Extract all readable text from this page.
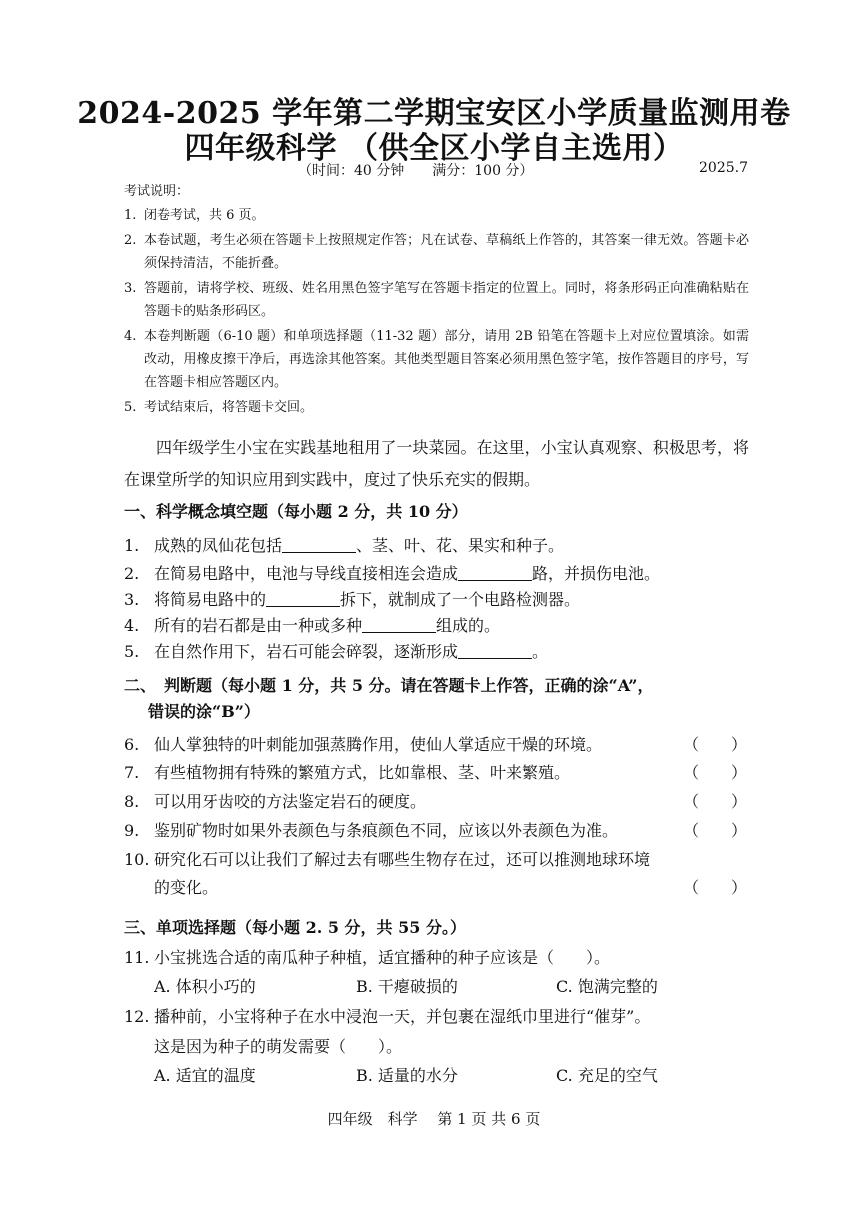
2024-2025 学年第二学期宝安区小学质量监测用卷
四年级科学 （供全区小学自主选用）
（时间：40 分钟　　满分：100 分）	2025.7
考试说明：
1. 闭卷考试，共 6 页。
2. 本卷试题，考生必须在答题卡上按照规定作答；凡在试卷、草稿纸上作答的，其答案一律无效。答题卡必须保持清洁，不能折叠。
3. 答题前，请将学校、班级、姓名用黑色签字笔写在答题卡指定的位置上。同时，将条形码正向准确粘贴在答题卡的贴条形码区。
4. 本卷判断题（6-10 题）和单项选择题（11-32 题）部分，请用 2B 铅笔在答题卡上对应位置填涂。如需改动，用橡皮擦干净后，再选涂其他答案。其他类型题目答案必须用黑色签字笔，按作答题目的序号，写在答题卡相应答题区内。
5. 考试结束后，将答题卡交回。
四年级学生小宝在实践基地租用了一块菜园。在这里，小宝认真观察、积极思考，将在课堂所学的知识应用到实践中，度过了快乐充实的假期。
一、科学概念填空题（每小题 2 分，共 10 分）
1. 成熟的凤仙花包括	、茎、叶、花、果实和种子。
2. 在简易电路中，电池与导线直接相连会造成	路，并损伤电池。
3. 将简易电路中的	拆下，就制成了一个电路检测器。
4. 所有的岩石都是由一种或多种	组成的。
5. 在自然作用下，岩石可能会碎裂，逐渐形成	。
二、　判断题（每小题 1 分，共 5 分。请在答题卡上作答，正确的涂“A”，
错误的涂“B”）
6. 仙人掌独特的叶刺能加强蒸腾作用，使仙人掌适应干燥的环境。	（　　）
7. 有些植物拥有特殊的繁殖方式，比如靠根、茎、叶来繁殖。	（　　）
8. 可以用牙齿咬的方法鉴定岩石的硬度。	（　　）
9. 鉴别矿物时如果外表颜色与条痕颜色不同，应该以外表颜色为准。	（　　）
10. 研究化石可以让我们了解过去有哪些生物存在过，还可以推测地球环境
的变化。	（　　）
三、单项选择题（每小题 2. 5 分，共 55 分。）
11. 小宝挑选合适的南瓜种子种植，适宜播种的种子应该是（　　）。
A. 体积小巧的	B. 干瘪破损的	C. 饱满完整的
12. 播种前，小宝将种子在水中浸泡一天，并包裹在湿纸巾里进行“催芽”。
这是因为种子的萌发需要（　　）。
A. 适宜的温度	B. 适量的水分	C. 充足的空气
四年级　科学　 第 1 页 共 6 页
